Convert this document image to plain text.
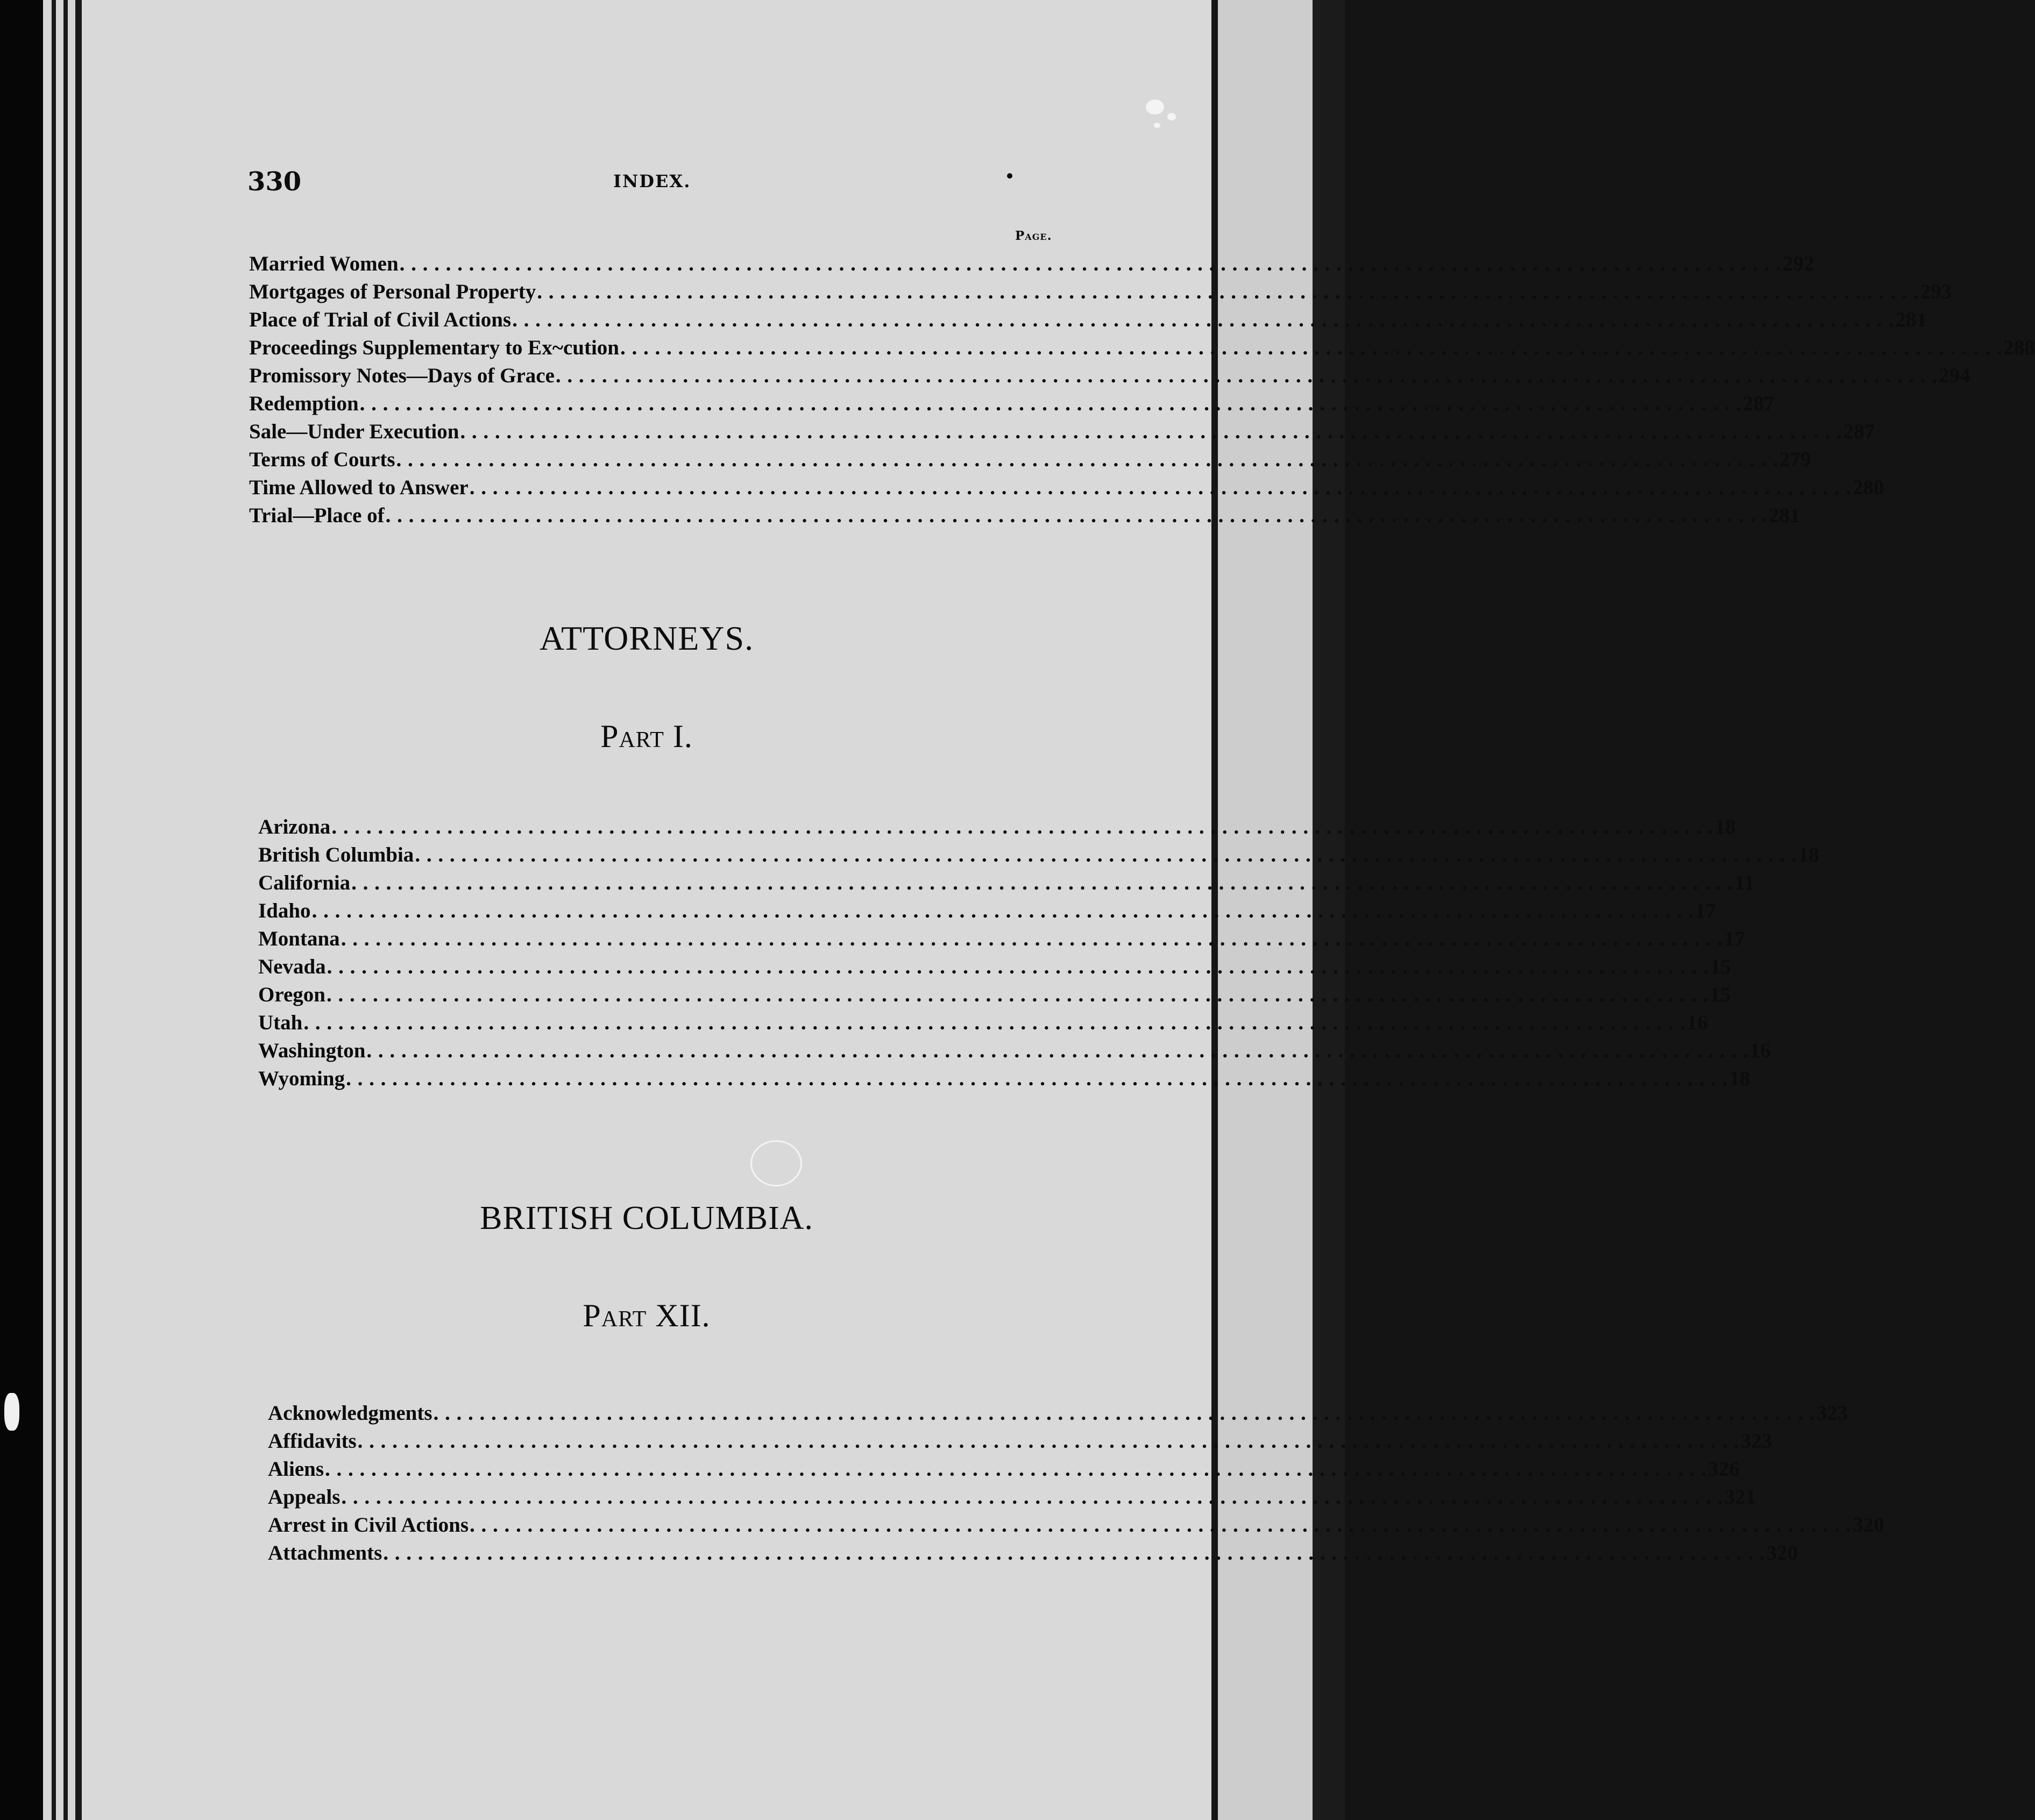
330	INDEX.
Page.
Married Women . . . . . . . . . . . . . . . . . . . . . . . . . . . . . . . . . . . . . . . . . . . . . . . . . . . . . . . . . . . . . . . . . . . . . . . . . . . . . . . . . . . . . . . . . . . . . . . . . . . . . . . . . . . . . . . . . . . . . . . . 292
Mortgages of Personal Property . . . . . . . . . . . . . . . . . . . . . . . . . . . . . . . . . . . . . . . . . . . . . . . . . . . . . . . . . . . . . . . . . . . . . . . . . . . . . . . . . . . . . . . . . . . . . . . . . . . . . . . . . . . . . . . . . . . . . . . . 293
Place of Trial of Civil Actions . . . . . . . . . . . . . . . . . . . . . . . . . . . . . . . . . . . . . . . . . . . . . . . . . . . . . . . . . . . . . . . . . . . . . . . . . . . . . . . . . . . . . . . . . . . . . . . . . . . . . . . . . . . . . . . . . . . . . . . . 281
Proceedings Supplementary to Ex~cution . . . . . . . . . . . . . . . . . . . . . . . . . . . . . . . . . . . . . . . . . . . . . . . . . . . . . . . . . . . . . . . . . . . . . . . . . . . . . . . . . . . . . . . . . . . . . . . . . . . . . . . . . . . . . . . . . . . . . . . . 288
Promissory Notes—Days of Grace . . . . . . . . . . . . . . . . . . . . . . . . . . . . . . . . . . . . . . . . . . . . . . . . . . . . . . . . . . . . . . . . . . . . . . . . . . . . . . . . . . . . . . . . . . . . . . . . . . . . . . . . . . . . . . . . . . . . . . . . 294
Redemption . . . . . . . . . . . . . . . . . . . . . . . . . . . . . . . . . . . . . . . . . . . . . . . . . . . . . . . . . . . . . . . . . . . . . . . . . . . . . . . . . . . . . . . . . . . . . . . . . . . . . . . . . . . . . . . . . . . . . . . . 287
Sale—Under Execution . . . . . . . . . . . . . . . . . . . . . . . . . . . . . . . . . . . . . . . . . . . . . . . . . . . . . . . . . . . . . . . . . . . . . . . . . . . . . . . . . . . . . . . . . . . . . . . . . . . . . . . . . . . . . . . . . . . . . . . . 287
Terms of Courts . . . . . . . . . . . . . . . . . . . . . . . . . . . . . . . . . . . . . . . . . . . . . . . . . . . . . . . . . . . . . . . . . . . . . . . . . . . . . . . . . . . . . . . . . . . . . . . . . . . . . . . . . . . . . . . . . . . . . . . . 279
Time Allowed to Answer . . . . . . . . . . . . . . . . . . . . . . . . . . . . . . . . . . . . . . . . . . . . . . . . . . . . . . . . . . . . . . . . . . . . . . . . . . . . . . . . . . . . . . . . . . . . . . . . . . . . . . . . . . . . . . . . . . . . . . . . 280
Trial—Place of . . . . . . . . . . . . . . . . . . . . . . . . . . . . . . . . . . . . . . . . . . . . . . . . . . . . . . . . . . . . . . . . . . . . . . . . . . . . . . . . . . . . . . . . . . . . . . . . . . . . . . . . . . . . . . . . . . . . . . . . 281
ATTORNEYS.
Part I.
Arizona . . . . . . . . . . . . . . . . . . . . . . . . . . . . . . . . . . . . . . . . . . . . . . . . . . . . . . . . . . . . . . . . . . . . . . . . . . . . . . . . . . . . . . . . . . . . . . . . . . . . . . . . . . . . . . . . . . . . . . . . 18
British Columbia . . . . . . . . . . . . . . . . . . . . . . . . . . . . . . . . . . . . . . . . . . . . . . . . . . . . . . . . . . . . . . . . . . . . . . . . . . . . . . . . . . . . . . . . . . . . . . . . . . . . . . . . . . . . . . . . . . . . . . . . 18
California . . . . . . . . . . . . . . . . . . . . . . . . . . . . . . . . . . . . . . . . . . . . . . . . . . . . . . . . . . . . . . . . . . . . . . . . . . . . . . . . . . . . . . . . . . . . . . . . . . . . . . . . . . . . . . . . . . . . . . . . 11
Idaho . . . . . . . . . . . . . . . . . . . . . . . . . . . . . . . . . . . . . . . . . . . . . . . . . . . . . . . . . . . . . . . . . . . . . . . . . . . . . . . . . . . . . . . . . . . . . . . . . . . . . . . . . . . . . . . . . . . . . . . . 17
Montana . . . . . . . . . . . . . . . . . . . . . . . . . . . . . . . . . . . . . . . . . . . . . . . . . . . . . . . . . . . . . . . . . . . . . . . . . . . . . . . . . . . . . . . . . . . . . . . . . . . . . . . . . . . . . . . . . . . . . . . . 17
Nevada . . . . . . . . . . . . . . . . . . . . . . . . . . . . . . . . . . . . . . . . . . . . . . . . . . . . . . . . . . . . . . . . . . . . . . . . . . . . . . . . . . . . . . . . . . . . . . . . . . . . . . . . . . . . . . . . . . . . . . . . 15
Oregon . . . . . . . . . . . . . . . . . . . . . . . . . . . . . . . . . . . . . . . . . . . . . . . . . . . . . . . . . . . . . . . . . . . . . . . . . . . . . . . . . . . . . . . . . . . . . . . . . . . . . . . . . . . . . . . . . . . . . . . . 15
Utah . . . . . . . . . . . . . . . . . . . . . . . . . . . . . . . . . . . . . . . . . . . . . . . . . . . . . . . . . . . . . . . . . . . . . . . . . . . . . . . . . . . . . . . . . . . . . . . . . . . . . . . . . . . . . . . . . . . . . . . . 16
Washington . . . . . . . . . . . . . . . . . . . . . . . . . . . . . . . . . . . . . . . . . . . . . . . . . . . . . . . . . . . . . . . . . . . . . . . . . . . . . . . . . . . . . . . . . . . . . . . . . . . . . . . . . . . . . . . . . . . . . . . . 16
Wyoming . . . . . . . . . . . . . . . . . . . . . . . . . . . . . . . . . . . . . . . . . . . . . . . . . . . . . . . . . . . . . . . . . . . . . . . . . . . . . . . . . . . . . . . . . . . . . . . . . . . . . . . . . . . . . . . . . . . . . . . . 18
BRITISH COLUMBIA.
Part XII.
Acknowledgments . . . . . . . . . . . . . . . . . . . . . . . . . . . . . . . . . . . . . . . . . . . . . . . . . . . . . . . . . . . . . . . . . . . . . . . . . . . . . . . . . . . . . . . . . . . . . . . . . . . . . . . . . . . . . . . . . . . . . . . . 323
Affidavits . . . . . . . . . . . . . . . . . . . . . . . . . . . . . . . . . . . . . . . . . . . . . . . . . . . . . . . . . . . . . . . . . . . . . . . . . . . . . . . . . . . . . . . . . . . . . . . . . . . . . . . . . . . . . . . . . . . . . . . . 323
Aliens . . . . . . . . . . . . . . . . . . . . . . . . . . . . . . . . . . . . . . . . . . . . . . . . . . . . . . . . . . . . . . . . . . . . . . . . . . . . . . . . . . . . . . . . . . . . . . . . . . . . . . . . . . . . . . . . . . . . . . . . 326
Appeals . . . . . . . . . . . . . . . . . . . . . . . . . . . . . . . . . . . . . . . . . . . . . . . . . . . . . . . . . . . . . . . . . . . . . . . . . . . . . . . . . . . . . . . . . . . . . . . . . . . . . . . . . . . . . . . . . . . . . . . . 321
Arrest in Civil Actions . . . . . . . . . . . . . . . . . . . . . . . . . . . . . . . . . . . . . . . . . . . . . . . . . . . . . . . . . . . . . . . . . . . . . . . . . . . . . . . . . . . . . . . . . . . . . . . . . . . . . . . . . . . . . . . . . . . . . . . . 320
Attachments . . . . . . . . . . . . . . . . . . . . . . . . . . . . . . . . . . . . . . . . . . . . . . . . . . . . . . . . . . . . . . . . . . . . . . . . . . . . . . . . . . . . . . . . . . . . . . . . . . . . . . . . . . . . . . . . . . . . . . . . 320
